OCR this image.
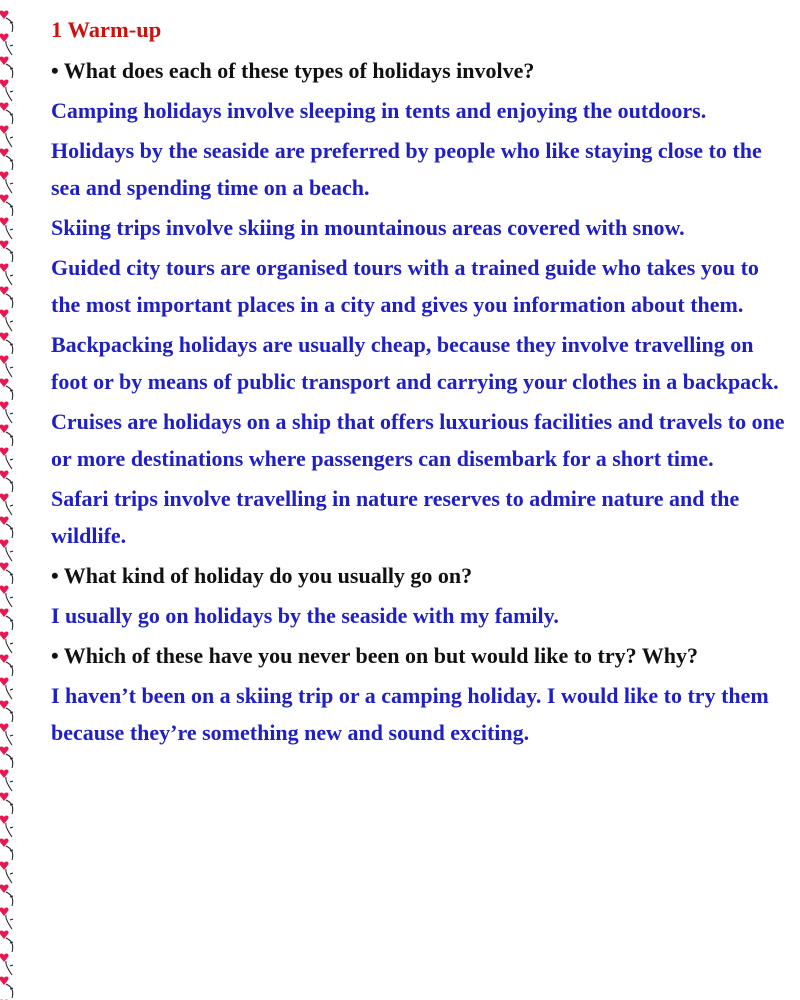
1 Warm-up
• What does each of these types of holidays involve?
Camping holidays involve sleeping in tents and enjoying the outdoors.
Holidays by the seaside are preferred by people who like staying close to the sea and spending time on a beach.
Skiing trips involve skiing in mountainous areas covered with snow.
Guided city tours are organised tours with a trained guide who takes you to the most important places in a city and gives you information about them.
Backpacking holidays are usually cheap, because they involve travelling on foot or by means of public transport and carrying your clothes in a backpack.
Cruises are holidays on a ship that offers luxurious facilities and travels to one or more destinations where passengers can disembark for a short time.
Safari trips involve travelling in nature reserves to admire nature and the wildlife.
• What kind of holiday do you usually go on?
I usually go on holidays by the seaside with my family.
• Which of these have you never been on but would like to try? Why?
I haven’t been on a skiing trip or a camping holiday. I would like to try them because they’re something new and sound exciting.
